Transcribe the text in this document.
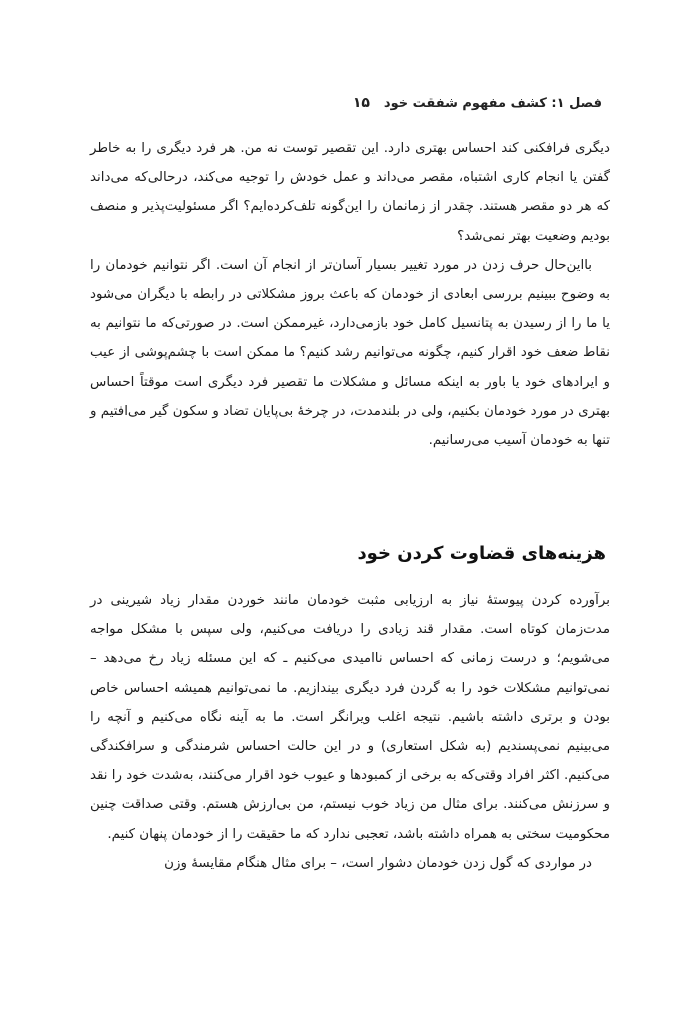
فصل ۱: کشف مفهوم شفقت خود
۱۵

دیگری فرافکنی کند احساس بهتری دارد. این تقصیر توست نه من. هر فرد دیگری را به خاطر گفتن یا انجام کاری اشتباه، مقصر می‌داند و عمل خودش را توجیه می‌کند، درحالی‌که می‌داند که هر دو مقصر هستند. چقدر از زمانمان را این‌گونه تلف‌کرده‌ایم؟ اگر مسئولیت‌پذیر و منصف بودیم وضعیت بهتر نمی‌شد؟

بااین‌حال حرف زدن در مورد تغییر بسیار آسان‌تر از انجام آن است. اگر نتوانیم خودمان را به وضوح ببینیم بررسی ابعادی از خودمان که باعث بروز مشکلاتی در رابطه با دیگران می‌شود یا ما را از رسیدن به پتانسیل کامل خود بازمی‌دارد، غیرممکن است. در صورتی‌که ما نتوانیم به نقاط ضعف خود اقرار کنیم، چگونه می‌توانیم رشد کنیم؟ ما ممکن است با چشم‌پوشی از عیب و ایرادهای خود یا باور به اینکه مسائل و مشکلات ما تقصیر فرد دیگری است موقتاً احساس بهتری در مورد خودمان بکنیم، ولی در بلندمدت، در چرخهٔ بی‌پایان تضاد و سکون گیر می‌افتیم و تنها به خودمان آسیب می‌رسانیم.

هزینه‌های قضاوت کردن خود

برآورده کردن پیوستهٔ نیاز به ارزیابی مثبت خودمان مانند خوردن مقدار زیاد شیرینی در مدت‌زمان کوتاه است. مقدار قند زیادی را دریافت می‌کنیم، ولی سپس با مشکل مواجه می‌شویم؛ و درست زمانی که احساس ناامیدی می‌کنیم ـ که این مسئله زیاد رخ می‌دهد – نمی‌توانیم مشکلات خود را به گردن فرد دیگری بیندازیم. ما نمی‌توانیم همیشه احساس خاص بودن و برتری داشته باشیم. نتیجه اغلب ویرانگر است. ما به آینه نگاه می‌کنیم و آنچه را می‌بینیم نمی‌پسندیم (به شکل استعاری) و در این حالت احساس شرمندگی و سرافکندگی می‌کنیم. اکثر افراد وقتی‌که به برخی از کمبودها و عیوب خود اقرار می‌کنند، به‌شدت خود را نقد و سرزنش می‌کنند. برای مثال من زیاد خوب نیستم، من بی‌ارزش هستم. وقتی صداقت چنین محکومیت سختی به همراه داشته باشد، تعجبی ندارد که ما حقیقت را از خودمان پنهان کنیم.

در مواردی که گول زدن خودمان دشوار است، – برای مثال هنگام مقایسهٔ وزن
